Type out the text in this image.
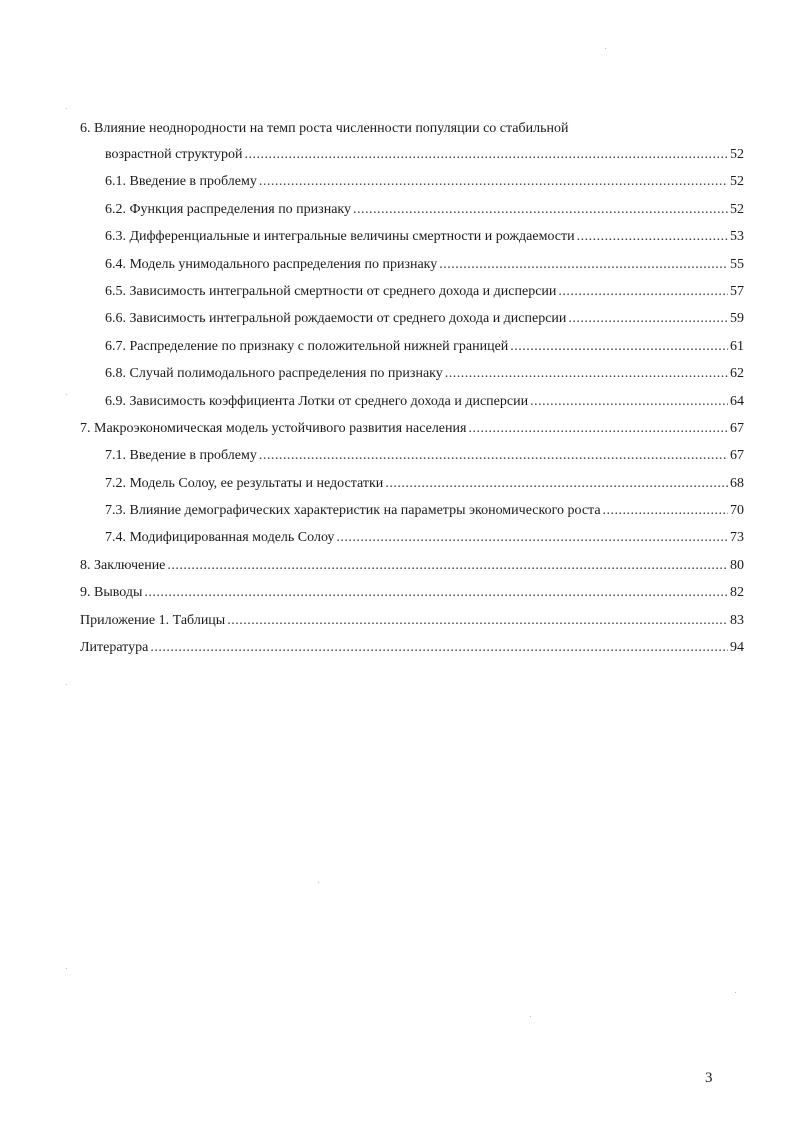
6. Влияние неоднородности на темп роста численности популяции со стабильной
возрастной структурой .....	52
6.1. Введение в проблему .....	52
6.2. Функция распределения по признаку .....	52
6.3. Дифференциальные и интегральные величины смертности и рождаемости .....	53
6.4. Модель унимодального распределения по признаку .....	55
6.5. Зависимость интегральной смертности от среднего дохода и дисперсии .....	57
6.6. Зависимость интегральной рождаемости от среднего дохода и дисперсии .....	59
6.7. Распределение по признаку с положительной нижней границей .....	61
6.8. Случай полимодального распределения по признаку .....	62
6.9. Зависимость коэффициента Лотки от среднего дохода и дисперсии .....	64
7. Макроэкономическая модель устойчивого развития населения .....	67
7.1. Введение в проблему .....	67
7.2. Модель Солоу, ее результаты и недостатки .....	68
7.3. Влияние демографических характеристик на параметры экономического роста .....	70
7.4. Модифицированная модель Солоу .....	73
8. Заключение .....	80
9. Выводы .....	82
Приложение 1. Таблицы .....	83
Литература .....	94
3
